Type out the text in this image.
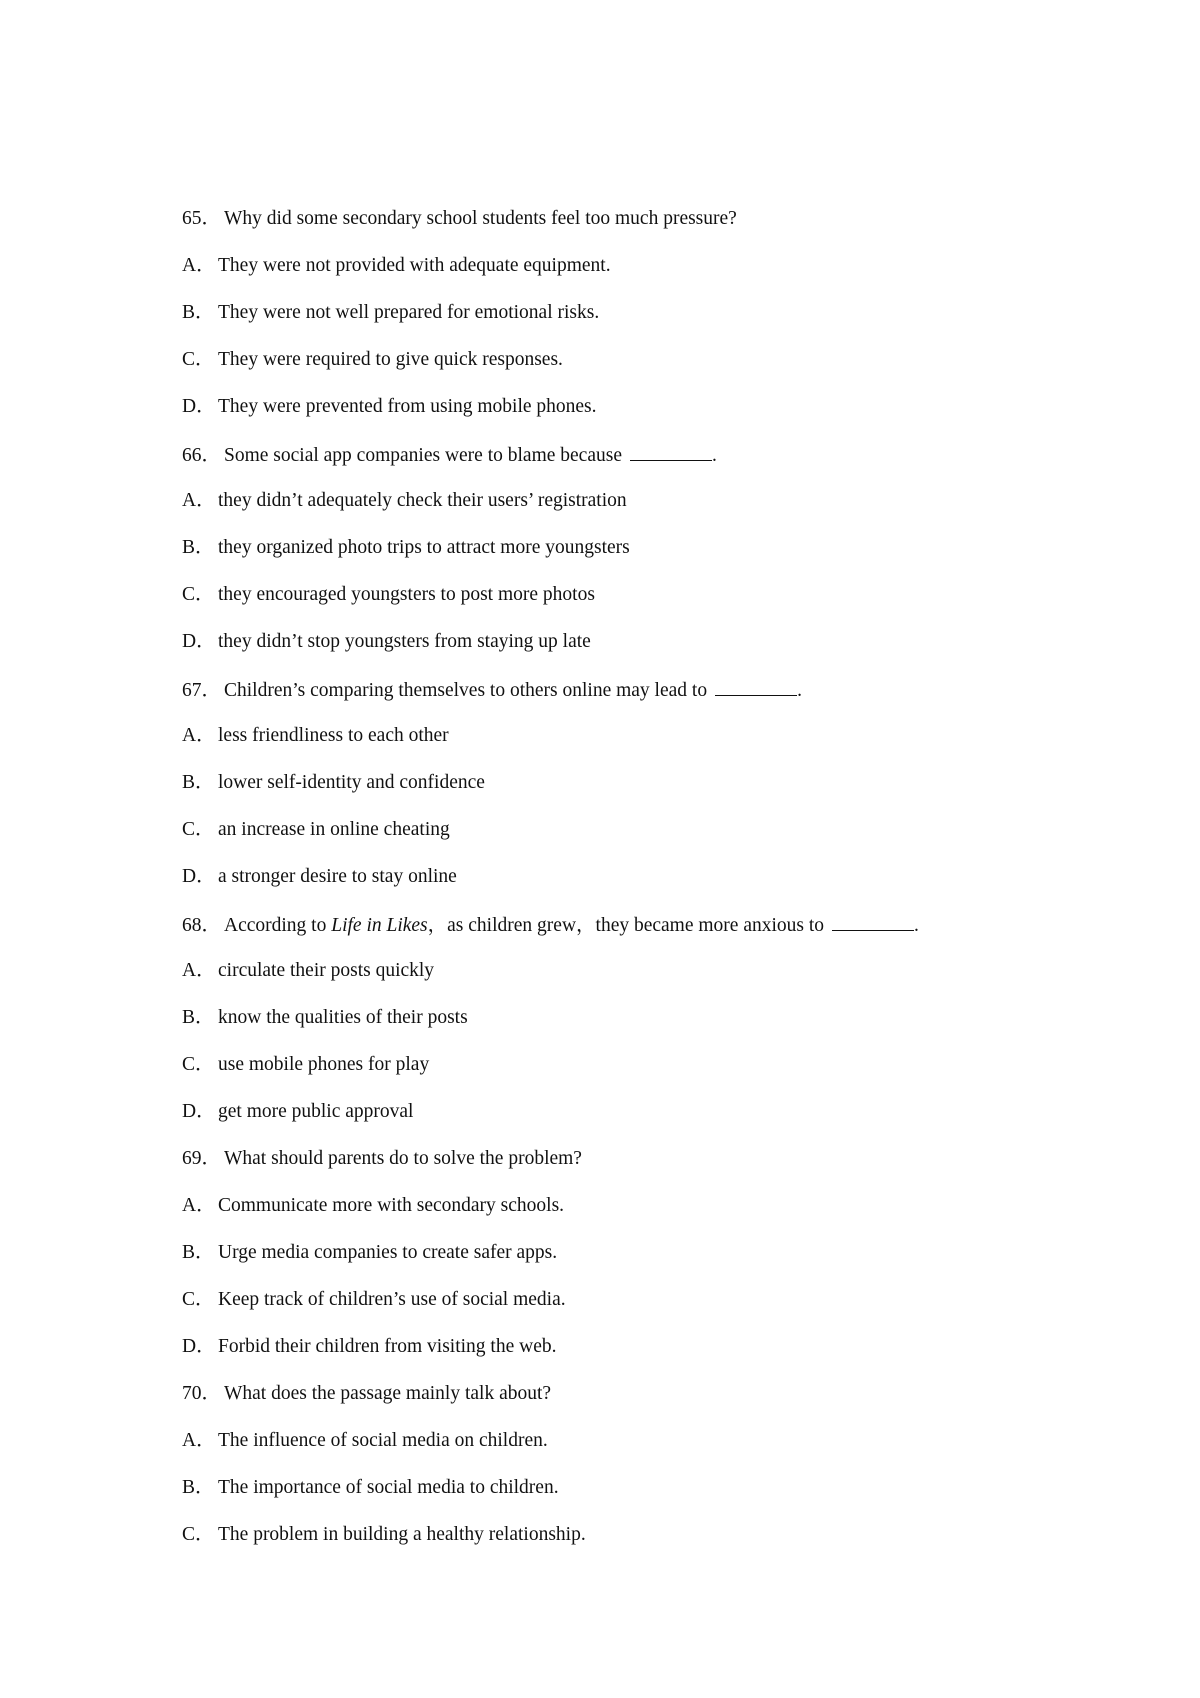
65． Why did some secondary school students feel too much pressure?
A． They were not provided with adequate equipment.
B． They were not well prepared for emotional risks.
C． They were required to give quick responses.
D． They were prevented from using mobile phones.
66． Some social app companies were to blame because	.
A． they didn’t adequately check their users’ registration
B． they organized photo trips to attract more youngsters
C． they encouraged youngsters to post more photos
D． they didn’t stop youngsters from staying up late
67． Children’s comparing themselves to others online may lead to	.
A． less friendliness to each other
B． lower self-identity and confidence
C． an increase in online cheating
D． a stronger desire to stay online
68． According to Life in Likes，as children grew，they became more anxious to	.
A． circulate their posts quickly
B． know the qualities of their posts
C． use mobile phones for play
D． get more public approval
69． What should parents do to solve the problem?
A． Communicate more with secondary schools.
B． Urge media companies to create safer apps.
C． Keep track of children’s use of social media.
D． Forbid their children from visiting the web.
70． What does the passage mainly talk about?
A． The influence of social media on children.
B． The importance of social media to children.
C． The problem in building a healthy relationship.
